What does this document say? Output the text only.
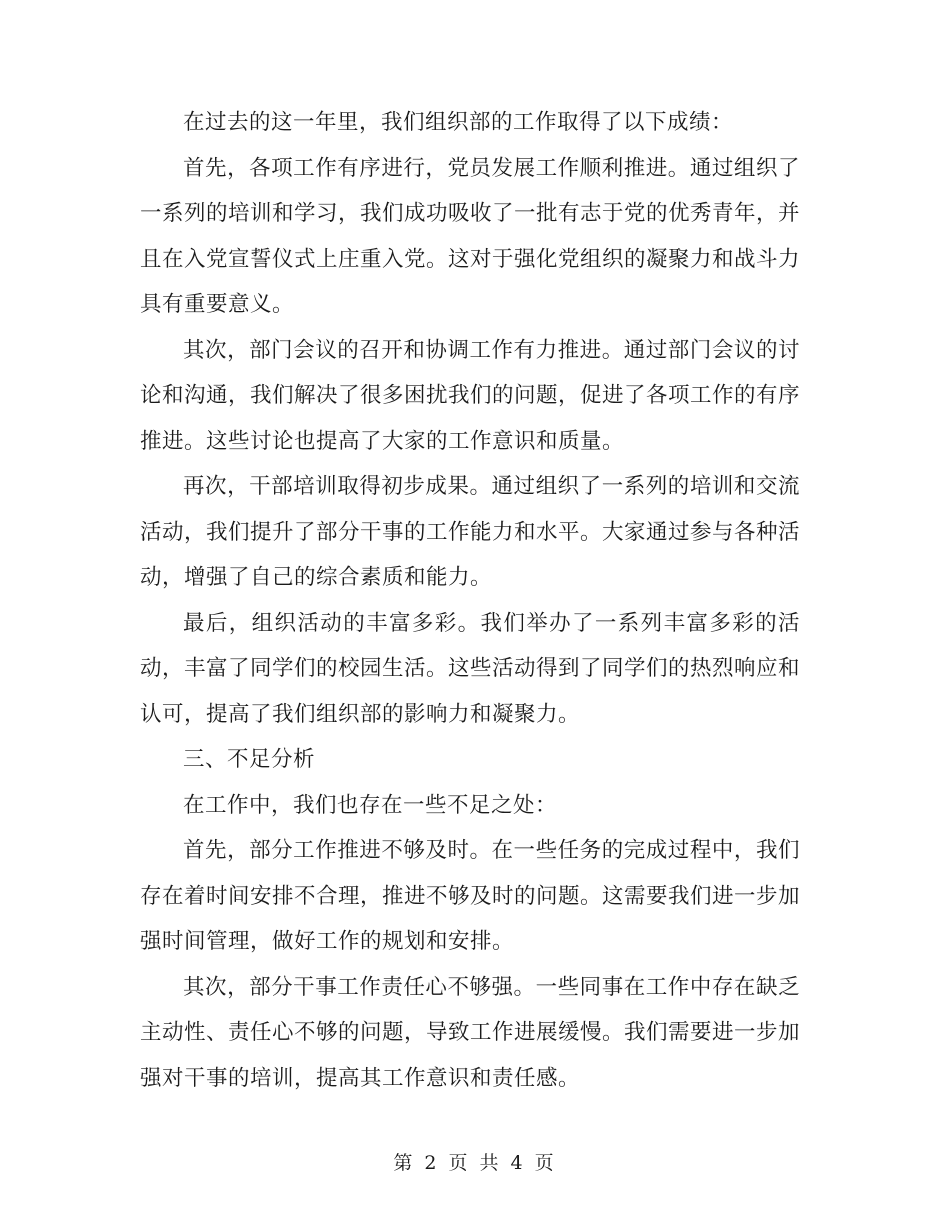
在过去的这一年里，我们组织部的工作取得了以下成绩：

首先，各项工作有序进行，党员发展工作顺利推进。通过组织了一系列的培训和学习，我们成功吸收了一批有志于党的优秀青年，并且在入党宣誓仪式上庄重入党。这对于强化党组织的凝聚力和战斗力具有重要意义。

其次，部门会议的召开和协调工作有力推进。通过部门会议的讨论和沟通，我们解决了很多困扰我们的问题，促进了各项工作的有序推进。这些讨论也提高了大家的工作意识和质量。

再次，干部培训取得初步成果。通过组织了一系列的培训和交流活动，我们提升了部分干事的工作能力和水平。大家通过参与各种活动，增强了自己的综合素质和能力。

最后，组织活动的丰富多彩。我们举办了一系列丰富多彩的活动，丰富了同学们的校园生活。这些活动得到了同学们的热烈响应和认可，提高了我们组织部的影响力和凝聚力。

三、不足分析

在工作中，我们也存在一些不足之处：

首先，部分工作推进不够及时。在一些任务的完成过程中，我们存在着时间安排不合理，推进不够及时的问题。这需要我们进一步加强时间管理，做好工作的规划和安排。

其次，部分干事工作责任心不够强。一些同事在工作中存在缺乏主动性、责任心不够的问题，导致工作进展缓慢。我们需要进一步加强对干事的培训，提高其工作意识和责任感。

第 2 页 共 4 页
